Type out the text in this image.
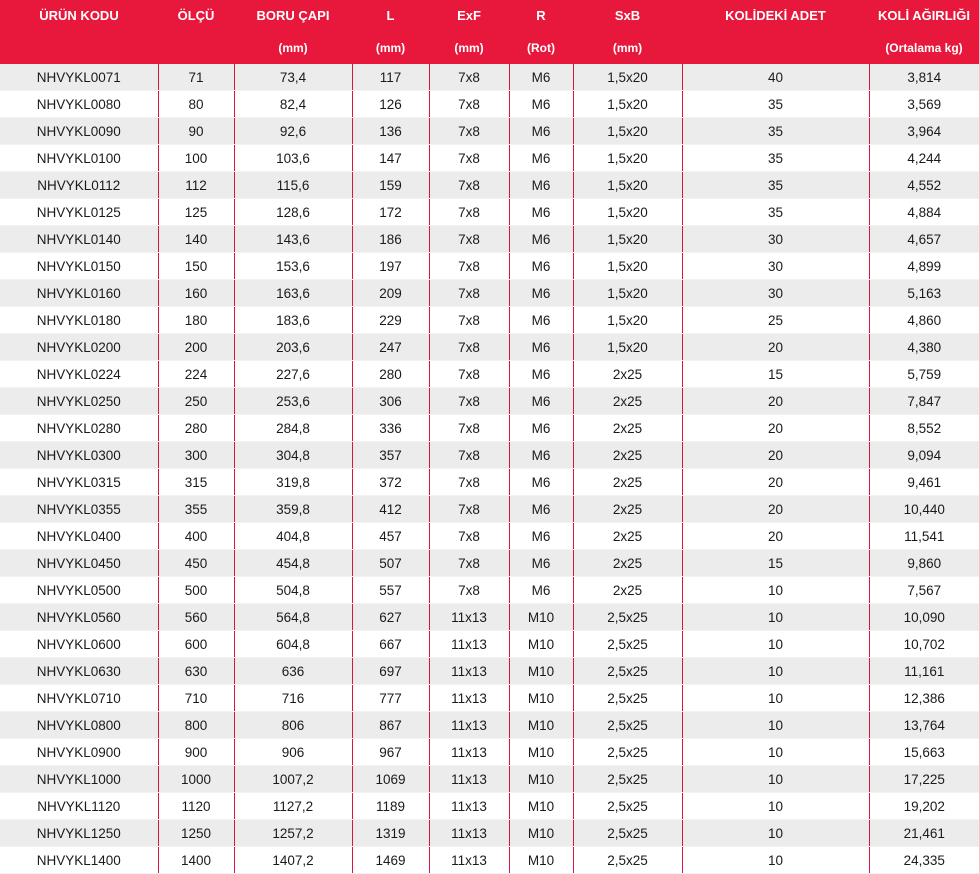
ÜRÜN KODU	ÖLÇÜ	BORU ÇAPI	L	ExF	R	SxB	KOLİDEKİ ADET	KOLİ AĞIRLIĞI
		(mm)	(mm)	(mm)	(Rot)	(mm)		(Ortalama kg)
NHVYKL0071	71	73,4	117	7x8	M6	1,5x20	40	3,814
NHVYKL0080	80	82,4	126	7x8	M6	1,5x20	35	3,569
NHVYKL0090	90	92,6	136	7x8	M6	1,5x20	35	3,964
NHVYKL0100	100	103,6	147	7x8	M6	1,5x20	35	4,244
NHVYKL0112	112	115,6	159	7x8	M6	1,5x20	35	4,552
NHVYKL0125	125	128,6	172	7x8	M6	1,5x20	35	4,884
NHVYKL0140	140	143,6	186	7x8	M6	1,5x20	30	4,657
NHVYKL0150	150	153,6	197	7x8	M6	1,5x20	30	4,899
NHVYKL0160	160	163,6	209	7x8	M6	1,5x20	30	5,163
NHVYKL0180	180	183,6	229	7x8	M6	1,5x20	25	4,860
NHVYKL0200	200	203,6	247	7x8	M6	1,5x20	20	4,380
NHVYKL0224	224	227,6	280	7x8	M6	2x25	15	5,759
NHVYKL0250	250	253,6	306	7x8	M6	2x25	20	7,847
NHVYKL0280	280	284,8	336	7x8	M6	2x25	20	8,552
NHVYKL0300	300	304,8	357	7x8	M6	2x25	20	9,094
NHVYKL0315	315	319,8	372	7x8	M6	2x25	20	9,461
NHVYKL0355	355	359,8	412	7x8	M6	2x25	20	10,440
NHVYKL0400	400	404,8	457	7x8	M6	2x25	20	11,541
NHVYKL0450	450	454,8	507	7x8	M6	2x25	15	9,860
NHVYKL0500	500	504,8	557	7x8	M6	2x25	10	7,567
NHVYKL0560	560	564,8	627	11x13	M10	2,5x25	10	10,090
NHVYKL0600	600	604,8	667	11x13	M10	2,5x25	10	10,702
NHVYKL0630	630	636	697	11x13	M10	2,5x25	10	11,161
NHVYKL0710	710	716	777	11x13	M10	2,5x25	10	12,386
NHVYKL0800	800	806	867	11x13	M10	2,5x25	10	13,764
NHVYKL0900	900	906	967	11x13	M10	2,5x25	10	15,663
NHVYKL1000	1000	1007,2	1069	11x13	M10	2,5x25	10	17,225
NHVYKL1120	1120	1127,2	1189	11x13	M10	2,5x25	10	19,202
NHVYKL1250	1250	1257,2	1319	11x13	M10	2,5x25	10	21,461
NHVYKL1400	1400	1407,2	1469	11x13	M10	2,5x25	10	24,335
